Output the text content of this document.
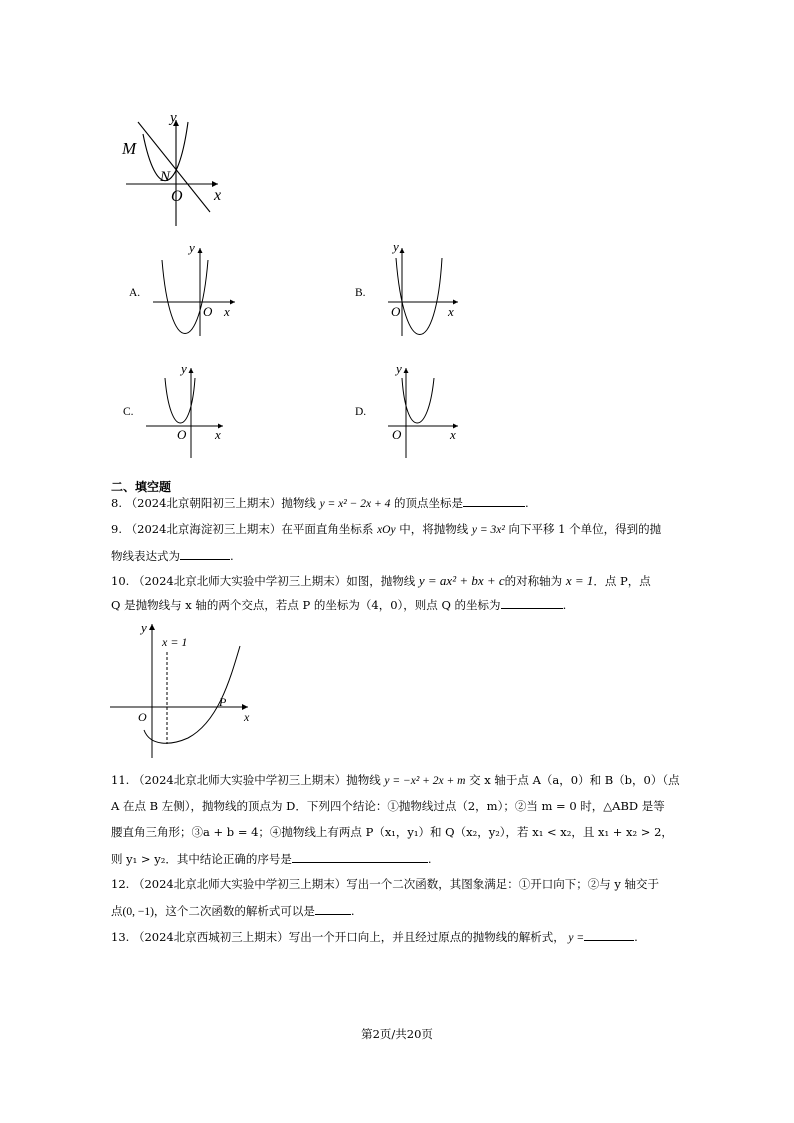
y
M
N
O x
A.
y
O x
B.
y
O	x
C.
y
O x
D.
y
O	x
二、填空题
8. （2024北京朝阳初三上期末）抛物线 y = x² − 2x + 4 的顶点坐标是	.
9. （2024北京海淀初三上期末）在平面直角坐标系 xOy 中，将抛物线 y = 3x² 向下平移 1 个单位，得到的抛
物线表达式为	.
10. （2024北京北师大实验中学初三上期末）如图，抛物线 y = ax² + bx + c的对称轴为 x = 1．点 P，点
Q 是抛物线与 x 轴的两个交点，若点 P 的坐标为（4，0），则点 Q 的坐标为	.
y
x = 1
P
O	x
11. （2024北京北师大实验中学初三上期末）抛物线 y = −x² + 2x + m 交 x 轴于点 A（a，0）和 B（b，0）（点
A 在点 B 左侧），抛物线的顶点为 D．下列四个结论：①抛物线过点（2，m）；②当 m = 0 时，△ABD 是等
腰直角三角形；③a + b = 4；④抛物线上有两点 P（x₁，y₁）和 Q（x₂，y₂），若 x₁ < x₂，且 x₁ + x₂ > 2，
则 y₁ > y₂．其中结论正确的序号是	.
12. （2024北京北师大实验中学初三上期末）写出一个二次函数，其图象满足：①开口向下；②与 y 轴交于
点(0, −1)，这个二次函数的解析式可以是	.
13. （2024北京西城初三上期末）写出一个开口向上，并且经过原点的抛物线的解析式， y =	.
第2页/共20页
